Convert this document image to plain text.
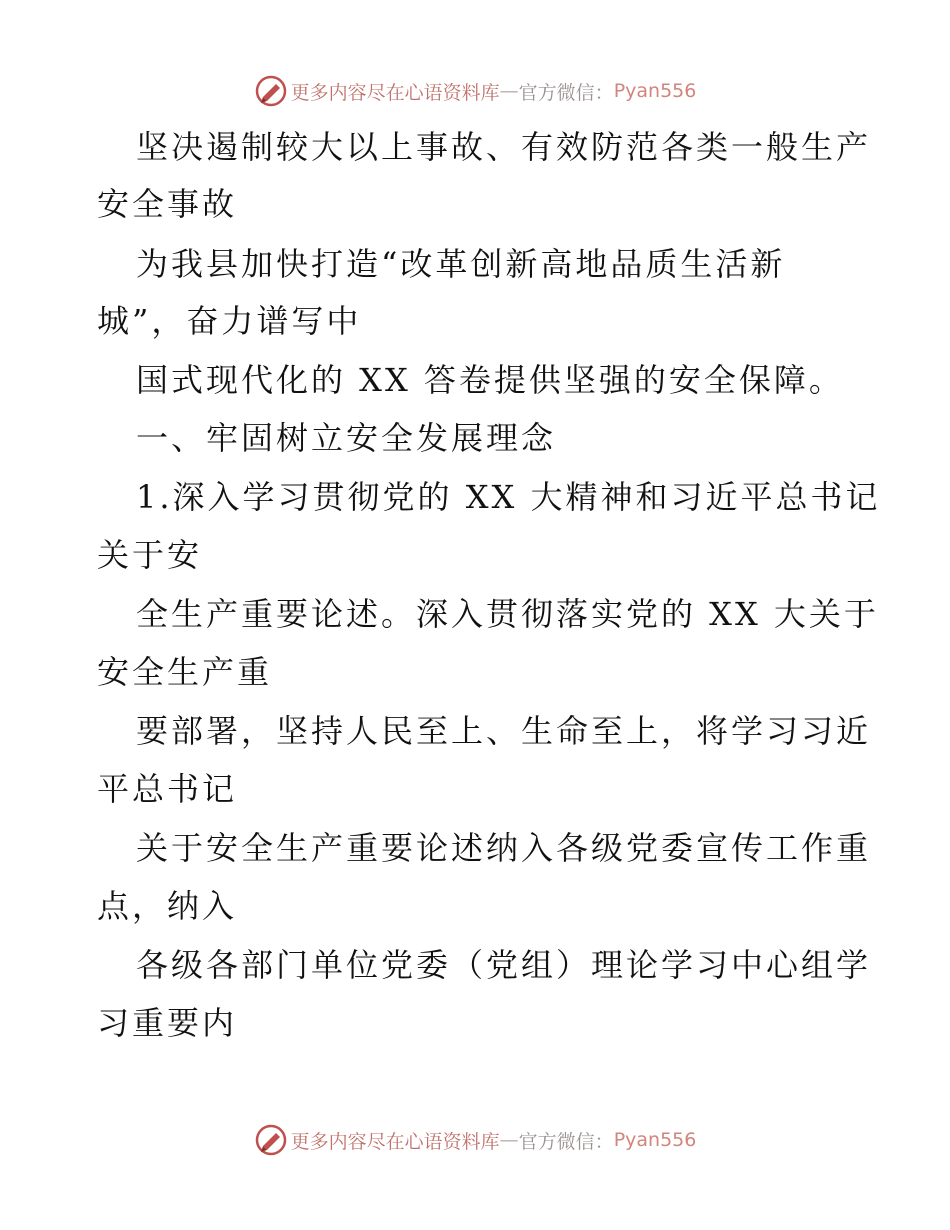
更多内容尽在心语资料库 — 官方微信： Pyan556
坚决遏制较大以上事故、有效防范各类一般生产
安全事故
为我县加快打造“改革创新高地品质生活新
城”，奋力谱写中
国式现代化的 XX 答卷提供坚强的安全保障。
一、牢固树立安全发展理念
1.深入学习贯彻党的 XX 大精神和习近平总书记
关于安
全生产重要论述。深入贯彻落实党的 XX 大关于
安全生产重
要部署，坚持人民至上、生命至上，将学习习近
平总书记
关于安全生产重要论述纳入各级党委宣传工作重
点，纳入
各级各部门单位党委（党组）理论学习中心组学
习重要内
更多内容尽在心语资料库 — 官方微信： Pyan556
